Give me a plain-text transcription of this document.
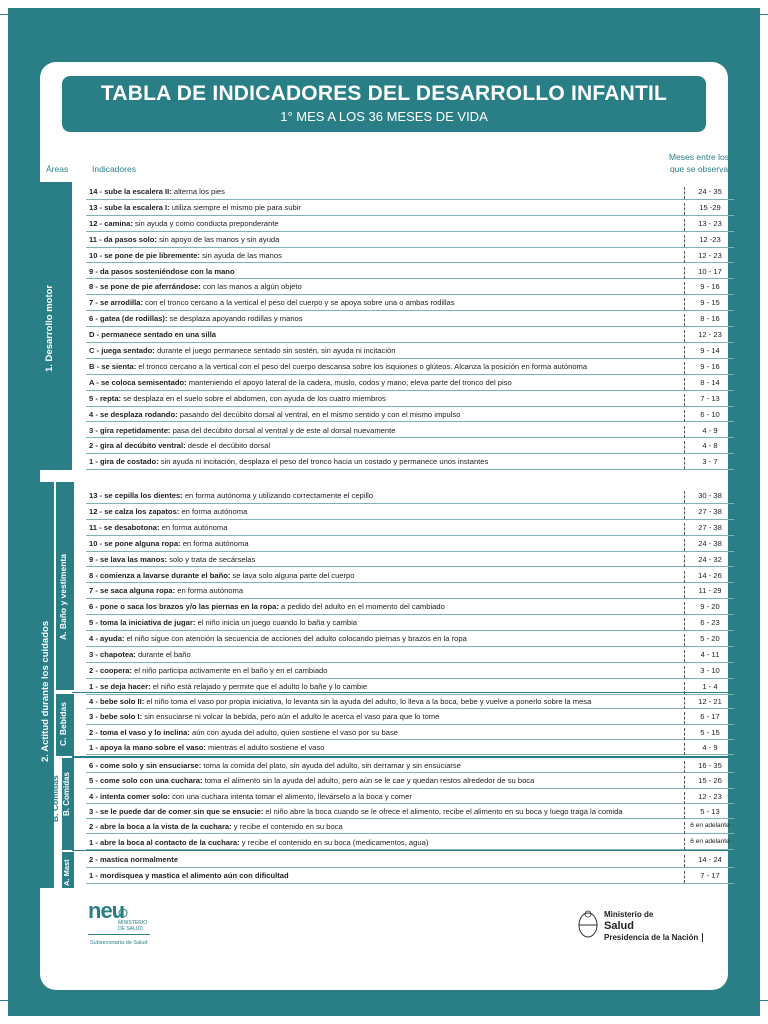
TABLA DE INDICADORES DEL DESARROLLO INFANTIL
1° MES A LOS 36 MESES DE VIDA
Áreas	Indicadores
Meses entre los
que se observa
1. Desarrollo motor
2. Actitud durante los cuidados
A. Baño y vestimenta
C. Bebidas
B. Comidas B. Comidas
A. Mast
14 - sube la escalera II: alterna los pies	24 - 35
13 - sube la escalera I: utiliza siempre el mismo pie para subir	15 -29
12 - camina: sin ayuda y como conducta preponderante	13 - 23
11 - da pasos solo: sin apoyo de las manos y sin ayuda	12 -23
10 - se pone de pie libremente: sin ayuda de las manos	12 - 23
9 - da pasos sosteniéndose con la mano	10 - 17
8 - se pone de pie aferrándose: con las manos a algún objeto	9 - 16
7 - se arrodilla: con el tronco cercano a la vertical el peso del cuerpo y se apoya sobre una o ambas rodillas	9 - 15
6 - gatea (de rodillas): se desplaza apoyando rodillas y manos	8 - 16
D - permanece sentado en una silla	12 - 23
C - juega sentado: durante el juego permanece sentado sin sostén, sin ayuda ni incitación	9 - 14
B - se sienta: el tronco cercano a la vertical con el peso del cuerpo descansa sobre los isquiones o glúteos. Alcanza la posición en forma autónoma	9 - 16
A - se coloca semisentado: manteniendo el apoyo lateral de la cadera, muslo, codos y mano, eleva parte del tronco del piso	8 - 14
5 - repta: se desplaza en el suelo sobre el abdomen, con ayuda de los cuatro miembros	7 - 13
4 - se desplaza rodando: pasando del decúbito dorsal al ventral, en el mismo sentido y con el mismo impulso	6 - 10
3 - gira repetidamente: pasa del decúbito dorsal al ventral y de este al dorsal nuevamente	4 - 9
2 - gira al decúbito ventral: desde el decúbito dorsal	4 - 8
1 - gira de costado: sin ayuda ni incitación, desplaza el peso del tronco hacia un costado y permanece unos instantes	3 - 7
13 - se cepilla los dientes: en forma autónoma y utilizando correctamente el cepillo	30 - 38
12 - se calza los zapatos: en forma autónoma	27 - 38
11 - se desabotona: en forma autónoma	27 - 38
10 - se pone alguna ropa: en forma autónoma	24 - 38
9 - se lava las manos: solo y trata de secárselas	24 - 32
8 - comienza a lavarse durante el baño: se lava solo alguna parte del cuerpo	14 - 26
7 - se saca alguna ropa: en forma autónoma	11 - 29
6 - pone o saca los brazos y/o las piernas en la ropa: a pedido del adulto en el momento del cambiado	9 - 20
5 - toma la iniciativa de jugar: el niño inicia un juego cuando lo baña y cambia	6 - 23
4 - ayuda: el niño sigue con atención la secuencia de acciones del adulto colocando piernas y brazos en la ropa	5 - 20
3 - chapotea: durante el baño	4 - 11
2 - coopera: el niño participa activamente en el baño y en el cambiado	3 - 10
1 - se deja hacer: el niño está relajado y permite que el adulto lo bañe y lo cambie	1 - 4
4 - bebe solo II: el niño toma el vaso por propia iniciativa, lo levanta sin la ayuda del adulto, lo lleva a la boca, bebe y vuelve a ponerlo sobre la mesa	12 - 21
3 - bebe solo I: sin ensuciarse ni volcar la bebida, pero aún el adulto le acerca el vaso para que lo tome	6 - 17
2 - toma el vaso y lo inclina: aún con ayuda del adulto, quien sostiene el vaso por su base	5 - 15
1 - apoya la mano sobre el vaso: mientras el adulto sostiene el vaso	4 - 9
6 - come solo y sin ensuciarse: toma la comida del plato, sin ayuda del adulto, sin derramar y sin ensuciarse	16 - 35
5 - come solo con una cuchara: toma el alimento sin la ayuda del adulto, pero aún se le cae y quedan restos alrededor de su boca	15 - 26
4 - intenta comer solo: con una cuchara intenta tomar el alimento, llevárselo a la boca y comer	12 - 23
3 - se le puede dar de comer sin que se ensucie: el niño abre la boca cuando se le ofrece el alimento, recibe el alimento en su boca y luego traga la comida	5 - 13
2 - abre la boca a la vista de la cuchara: y recibe el contenido en su boca	6 en adelante
1 - abre la boca al contacto de la cuchara: y recibe el contenido en su boca (medicamentos, agua)	6 en adelante
2 - mastica normalmente	14 - 24
1 - mordisquea y mastica el alimento aún con dificultad	7 - 17
neu
MINISTERIO
DE SALUD
Subsecretaría de Salud
Ministerio de
Salud
Presidencia de la Nación
